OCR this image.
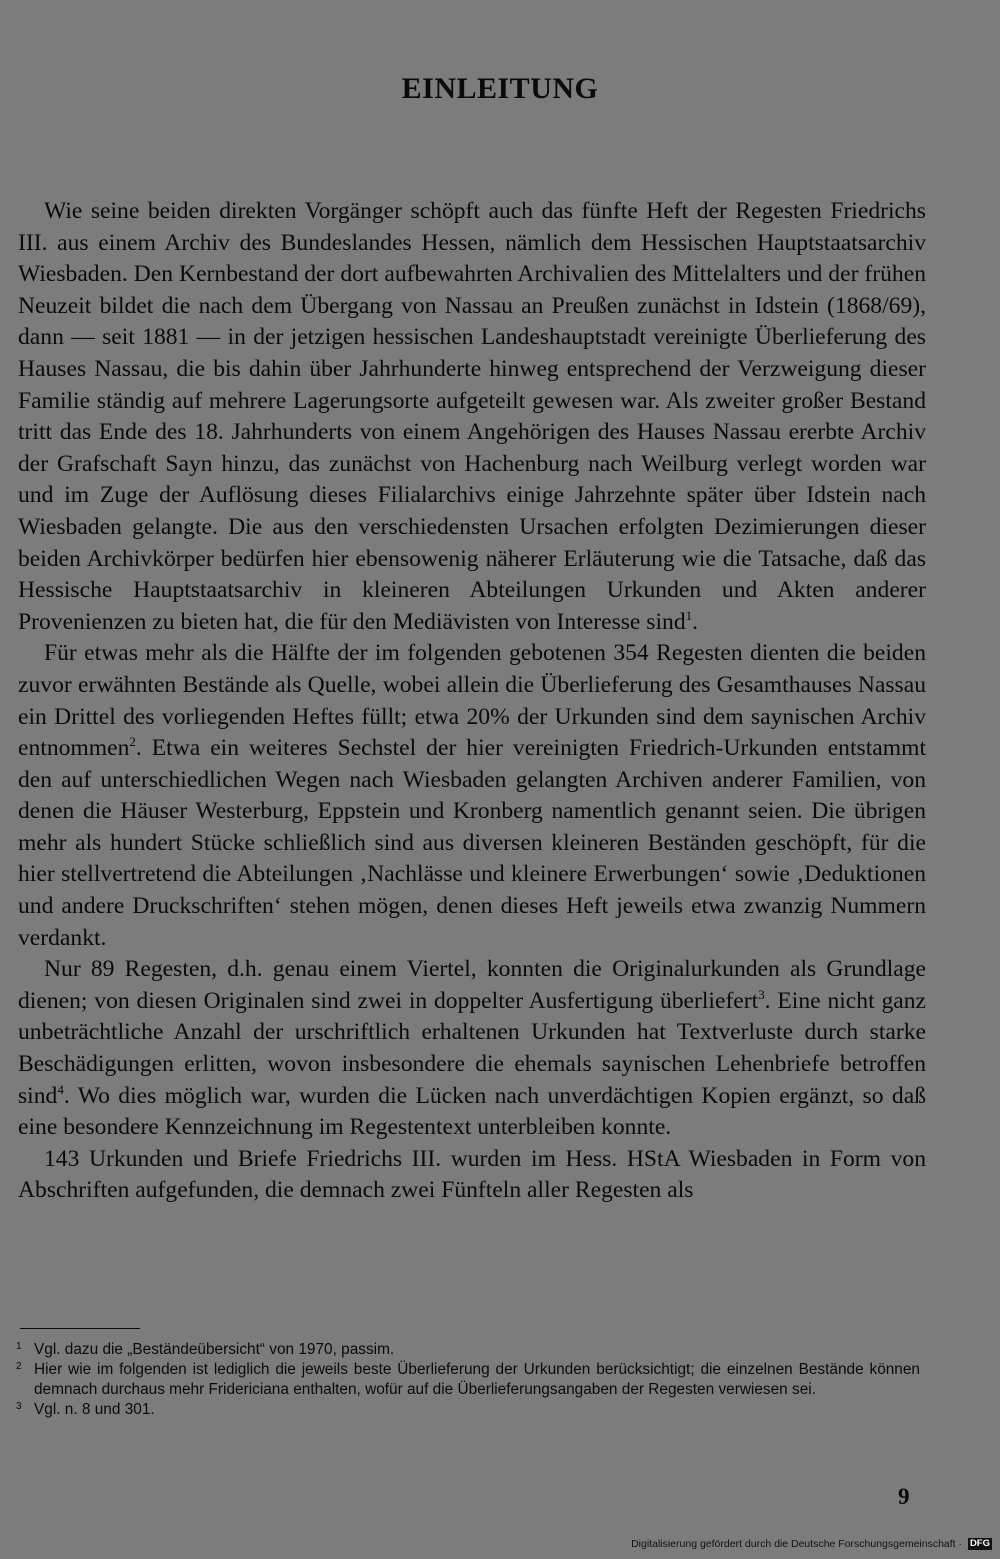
EINLEITUNG

Wie seine beiden direkten Vorgänger schöpft auch das fünfte Heft der Regesten Friedrichs III. aus einem Archiv des Bundeslandes Hessen, nämlich dem Hessischen Hauptstaatsarchiv Wiesbaden. Den Kernbestand der dort aufbewahrten Archivalien des Mittelalters und der frühen Neuzeit bildet die nach dem Übergang von Nassau an Preußen zunächst in Idstein (1868/69), dann — seit 1881 — in der jetzigen hessischen Landeshauptstadt vereinigte Überlieferung des Hauses Nassau, die bis dahin über Jahrhunderte hinweg entsprechend der Verzweigung dieser Familie ständig auf mehrere Lagerungsorte aufgeteilt gewesen war. Als zweiter großer Bestand tritt das Ende des 18. Jahrhunderts von einem Angehörigen des Hauses Nassau ererbte Archiv der Grafschaft Sayn hinzu, das zunächst von Hachenburg nach Weilburg verlegt worden war und im Zuge der Auflösung dieses Filialarchivs einige Jahrzehnte später über Idstein nach Wiesbaden gelangte. Die aus den verschiedensten Ursachen erfolgten Dezimierungen dieser beiden Archivkörper bedürfen hier ebensowenig näherer Erläuterung wie die Tatsache, daß das Hessische Hauptstaatsarchiv in kleineren Abteilungen Urkunden und Akten anderer Provenienzen zu bieten hat, die für den Mediävisten von Interesse sind$^1$.

Für etwas mehr als die Hälfte der im folgenden gebotenen 354 Regesten dienten die beiden zuvor erwähnten Bestände als Quelle, wobei allein die Überlieferung des Gesamthauses Nassau ein Drittel des vorliegenden Heftes füllt; etwa 20% der Urkunden sind dem saynischen Archiv entnommen$^2$. Etwa ein weiteres Sechstel der hier vereinigten Friedrich-Urkunden entstammt den auf unterschiedlichen Wegen nach Wiesbaden gelangten Archiven anderer Familien, von denen die Häuser Westerburg, Eppstein und Kronberg namentlich genannt seien. Die übrigen mehr als hundert Stücke schließlich sind aus diversen kleineren Beständen geschöpft, für die hier stellvertretend die Abteilungen ‚Nachlässe und kleinere Erwerbungen‘ sowie ‚Deduktionen und andere Druckschriften‘ stehen mögen, denen dieses Heft jeweils etwa zwanzig Nummern verdankt.

Nur 89 Regesten, d.h. genau einem Viertel, konnten die Originalurkunden als Grundlage dienen; von diesen Originalen sind zwei in doppelter Ausfertigung überliefert$^3$. Eine nicht ganz unbeträchtliche Anzahl der urschriftlich erhaltenen Urkunden hat Textverluste durch starke Beschädigungen erlitten, wovon insbesondere die ehemals saynischen Lehenbriefe betroffen sind$^4$. Wo dies möglich war, wurden die Lücken nach unverdächtigen Kopien ergänzt, so daß eine besondere Kennzeichnung im Regestentext unterbleiben konnte.

143 Urkunden und Briefe Friedrichs III. wurden im Hess. HStA Wiesbaden in Form von Abschriften aufgefunden, die demnach zwei Fünfteln aller Regesten als

1 Vgl. dazu die „Beständeübersicht“ von 1970, passim.
2 Hier wie im folgenden ist lediglich die jeweils beste Überlieferung der Urkunden berücksichtigt; die einzelnen Bestände können demnach durchaus mehr Fridericiana enthalten, wofür auf die Überlieferungsangaben der Regesten verwiesen sei.
3 Vgl. n. 8 und 301.
9
Digitalisierung gefördert durch die Deutsche Forschungsgemeinschaft · DFG
